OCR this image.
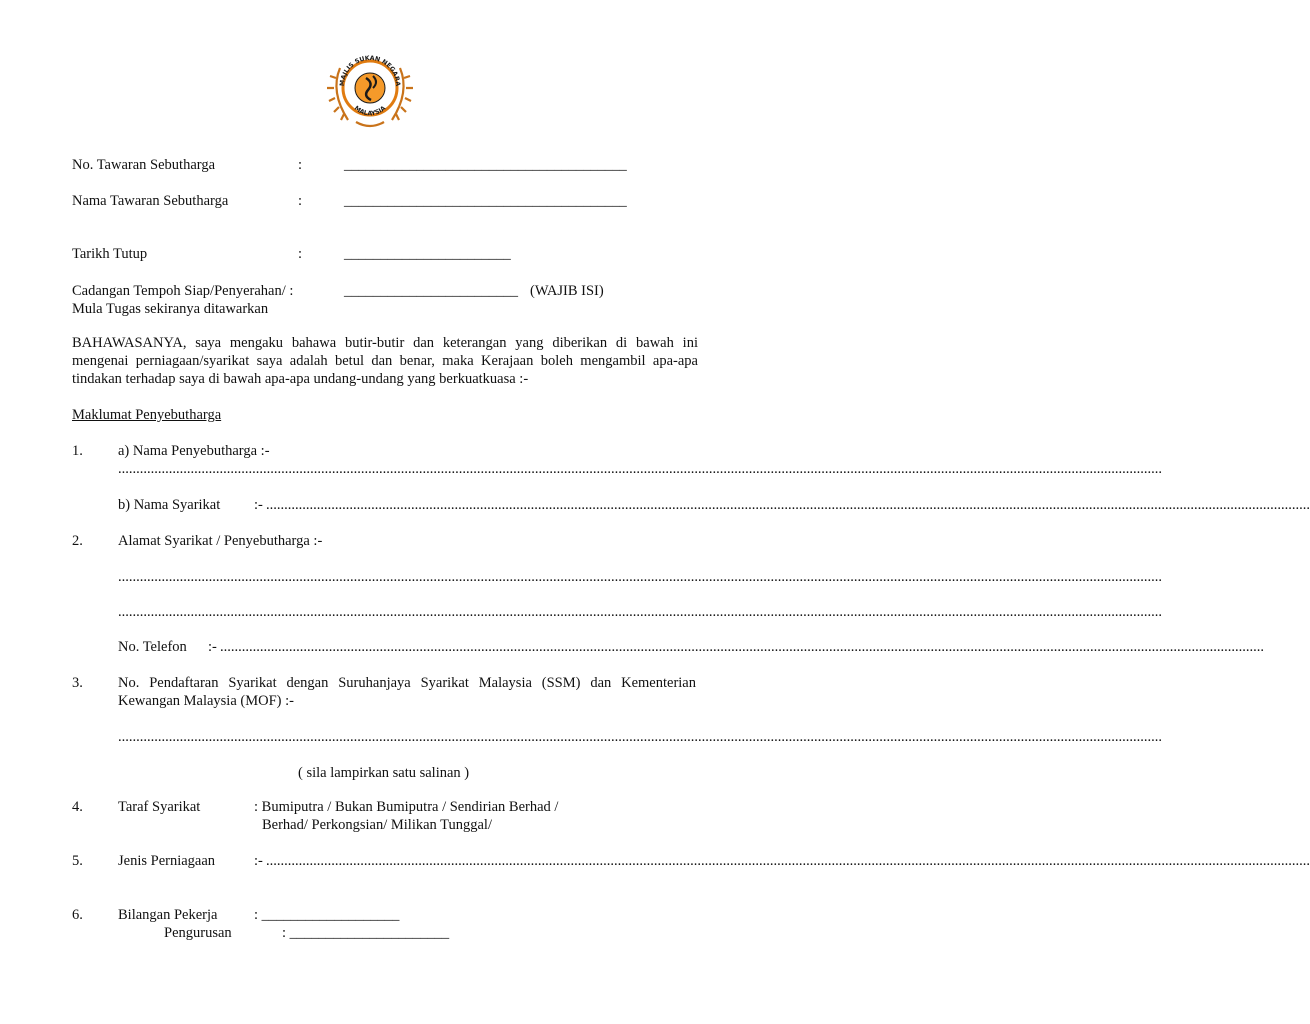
MAJLIS SUKAN NEGARA
MALAYSIA
No. Tawaran Sebutharga	:	_______________________________________
Nama Tawaran Sebutharga	:	_______________________________________
Tarikh Tutup	:	_______________________
Cadangan Tempoh Siap/Penyerahan/ :
Mula Tugas sekiranya ditawarkan
________________________ (WAJIB ISI)
BAHAWASANYA, saya mengaku bahawa butir-butir dan keterangan yang diberikan di bawah ini mengenai perniagaan/syarikat saya adalah betul dan benar, maka Kerajaan boleh mengambil apa-apa tindakan terhadap saya di bawah apa-apa undang-undang yang berkuatkuasa :-
Maklumat Penyebutharga
1. a) Nama Penyebutharga :-
................................................................................................................................................................................................................................................................................................
b) Nama Syarikat :- ................................................................................................................................................................................................................................................................................................
2. Alamat Syarikat / Penyebutharga :-
................................................................................................................................................................................................................................................................................................
................................................................................................................................................................................................................................................................................................
No. Telefon :- ................................................................................................................................................................................................................................................................................................
3. No. Pendaftaran Syarikat dengan Suruhanjaya Syarikat Malaysia (SSM) dan Kementerian Kewangan Malaysia (MOF) :-
................................................................................................................................................................................................................................................................................................
( sila lampirkan satu salinan )
4. Taraf Syarikat	: Bumiputra / Bukan Bumiputra / Sendirian Berhad /
Berhad/ Perkongsian/ Milikan Tunggal/
5. Jenis Perniagaan	:- ................................................................................................................................................................................................................................................................................................
6. Bilangan Pekerja	: ___________________
Pengurusan	: ______________________
